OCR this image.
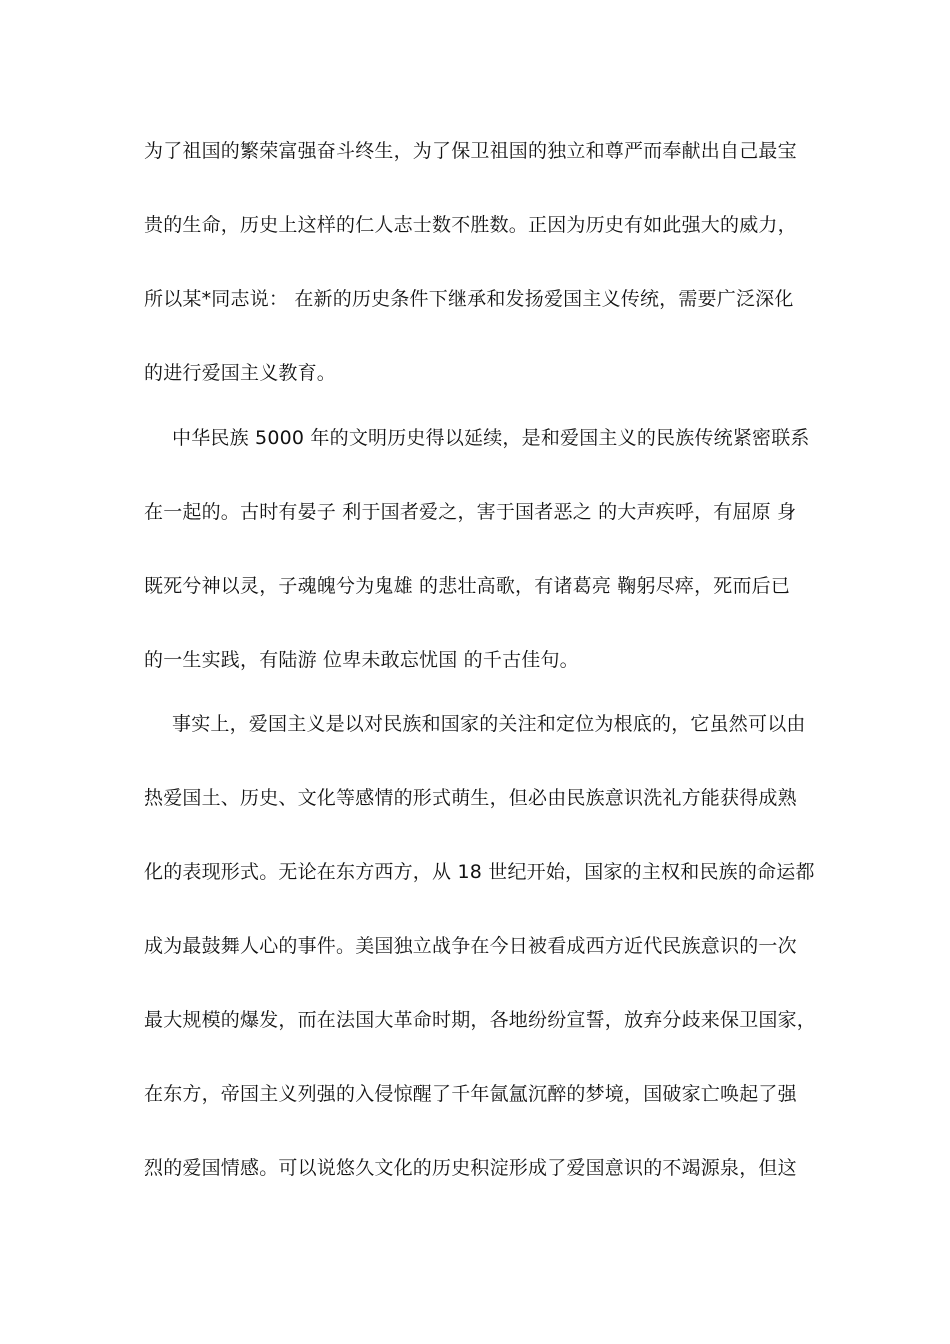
为了祖国的繁荣富强奋斗终生，为了保卫祖国的独立和尊严而奉献出自己最宝
贵的生命，历史上这样的仁人志士数不胜数。正因为历史有如此强大的威力，
所以某*同志说： 在新的历史条件下继承和发扬爱国主义传统，需要广泛深化
的进行爱国主义教育。
中华民族 5000 年的文明历史得以延续，是和爱国主义的民族传统紧密联系
在一起的。古时有晏子 利于国者爱之，害于国者恶之 的大声疾呼，有屈原 身
既死兮神以灵，子魂魄兮为鬼雄 的悲壮高歌，有诸葛亮 鞠躬尽瘁，死而后已
的一生实践，有陆游 位卑未敢忘忧国 的千古佳句。
事实上，爱国主义是以对民族和国家的关注和定位为根底的，它虽然可以由
热爱国土、历史、文化等感情的形式萌生，但必由民族意识洗礼方能获得成熟
化的表现形式。无论在东方西方，从 18 世纪开始，国家的主权和民族的命运都
成为最鼓舞人心的事件。美国独立战争在今日被看成西方近代民族意识的一次
最大规模的爆发，而在法国大革命时期，各地纷纷宣誓，放弃分歧来保卫国家，
在东方，帝国主义列强的入侵惊醒了千年氤氲沉醉的梦境，国破家亡唤起了强
烈的爱国情感。可以说悠久文化的历史积淀形成了爱国意识的不竭源泉，但这
